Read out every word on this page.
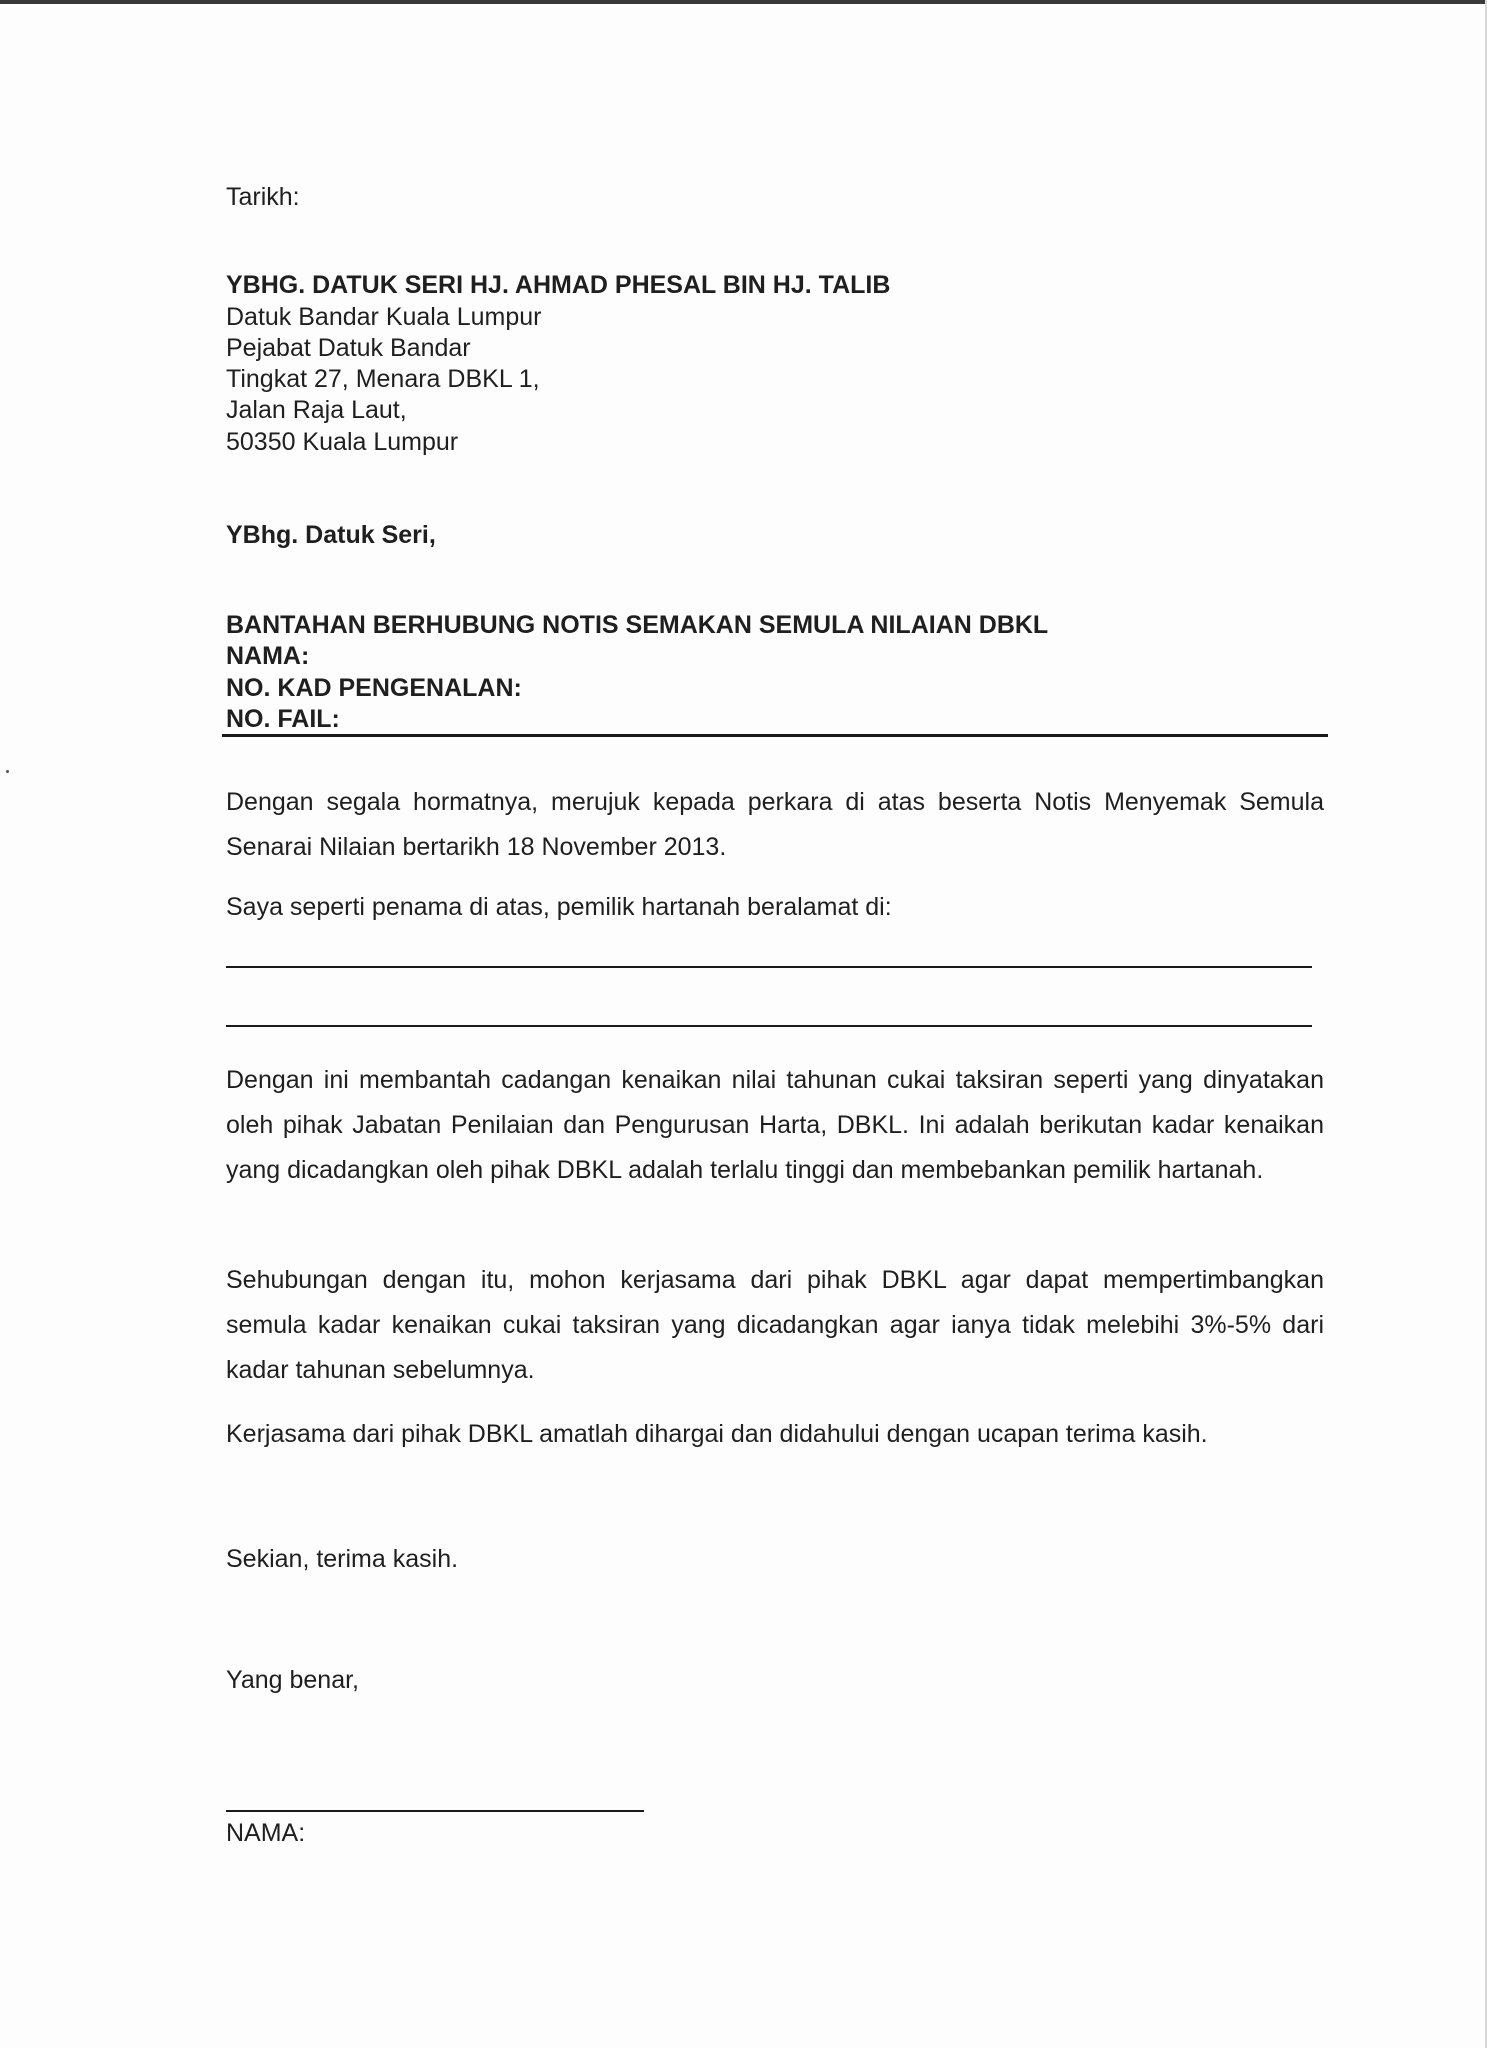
Tarikh:
YBHG. DATUK SERI HJ. AHMAD PHESAL BIN HJ. TALIB
Datuk Bandar Kuala Lumpur
Pejabat Datuk Bandar
Tingkat 27, Menara DBKL 1,
Jalan Raja Laut,
50350 Kuala Lumpur
YBhg. Datuk Seri,
BANTAHAN BERHUBUNG NOTIS SEMAKAN SEMULA NILAIAN DBKL
NAMA:
NO. KAD PENGENALAN:
NO. FAIL:
Dengan segala hormatnya, merujuk kepada perkara di atas beserta Notis Menyemak Semula Senarai Nilaian bertarikh 18 November 2013.
Saya seperti penama di atas, pemilik hartanah beralamat di:
Dengan ini membantah cadangan kenaikan nilai tahunan cukai taksiran seperti yang dinyatakan oleh pihak Jabatan Penilaian dan Pengurusan Harta, DBKL. Ini adalah berikutan kadar kenaikan yang dicadangkan oleh pihak DBKL adalah terlalu tinggi dan membebankan pemilik hartanah.
Sehubungan dengan itu, mohon kerjasama dari pihak DBKL agar dapat mempertimbangkan semula kadar kenaikan cukai taksiran yang dicadangkan agar ianya tidak melebihi 3%-5% dari kadar tahunan sebelumnya.
Kerjasama dari pihak DBKL amatlah dihargai dan didahului dengan ucapan terima kasih.
Sekian, terima kasih.
Yang benar,
NAMA:
